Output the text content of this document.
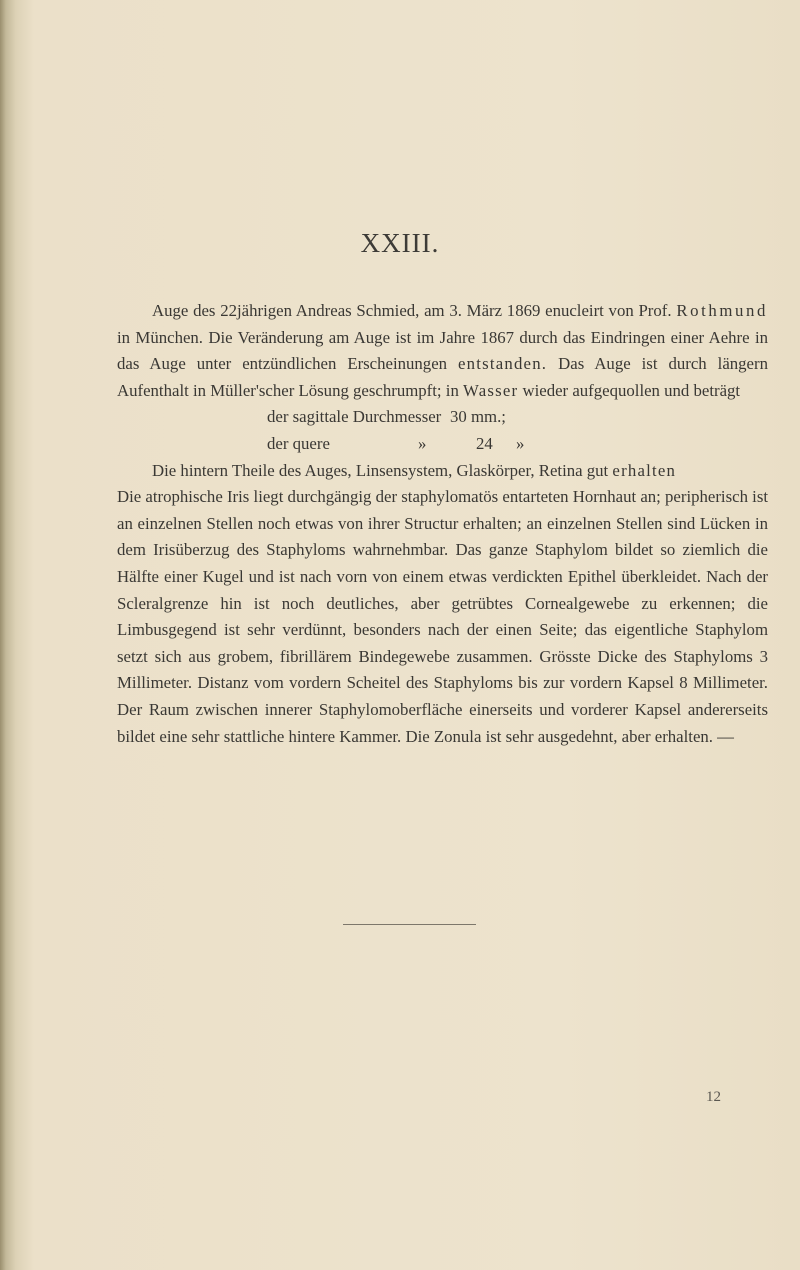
XXIII.

Auge des 22jährigen Andreas Schmied, am 3. März 1869 enucleirt von Prof. Rothmund in München. Die Veränderung am Auge ist im Jahre 1867 durch das Eindringen einer Aehre in das Auge unter entzündlichen Erscheinungen entstanden. Das Auge ist durch längern Aufenthalt in Müller'scher Lösung geschrumpft; in Wasser wieder aufgequollen und beträgt

der sagittale Durchmesser 30 mm.;
der quere	»	24	»

Die hintern Theile des Auges, Linsensystem, Glaskörper, Retina gut erhalten

Die atrophische Iris liegt durchgängig der staphylomatös entarteten Hornhaut an; peripherisch ist an einzelnen Stellen noch etwas von ihrer Structur erhalten; an einzelnen Stellen sind Lücken in dem Irisüberzug des Staphyloms wahrnehmbar. Das ganze Staphylom bildet so ziemlich die Hälfte einer Kugel und ist nach vorn von einem etwas verdickten Epithel überkleidet. Nach der Scleralgrenze hin ist noch deutliches, aber getrübtes Cornealgewebe zu erkennen; die Limbusgegend ist sehr verdünnt, besonders nach der einen Seite; das eigentliche Staphylom setzt sich aus grobem, fibrillärem Bindegewebe zusammen. Grösste Dicke des Staphyloms 3 Millimeter. Distanz vom vordern Scheitel des Staphyloms bis zur vordern Kapsel 8 Millimeter. Der Raum zwischen innerer Staphylomoberfläche einerseits und vorderer Kapsel andererseits bildet eine sehr stattliche hintere Kammer. Die Zonula ist sehr ausgedehnt, aber erhalten. —

12
